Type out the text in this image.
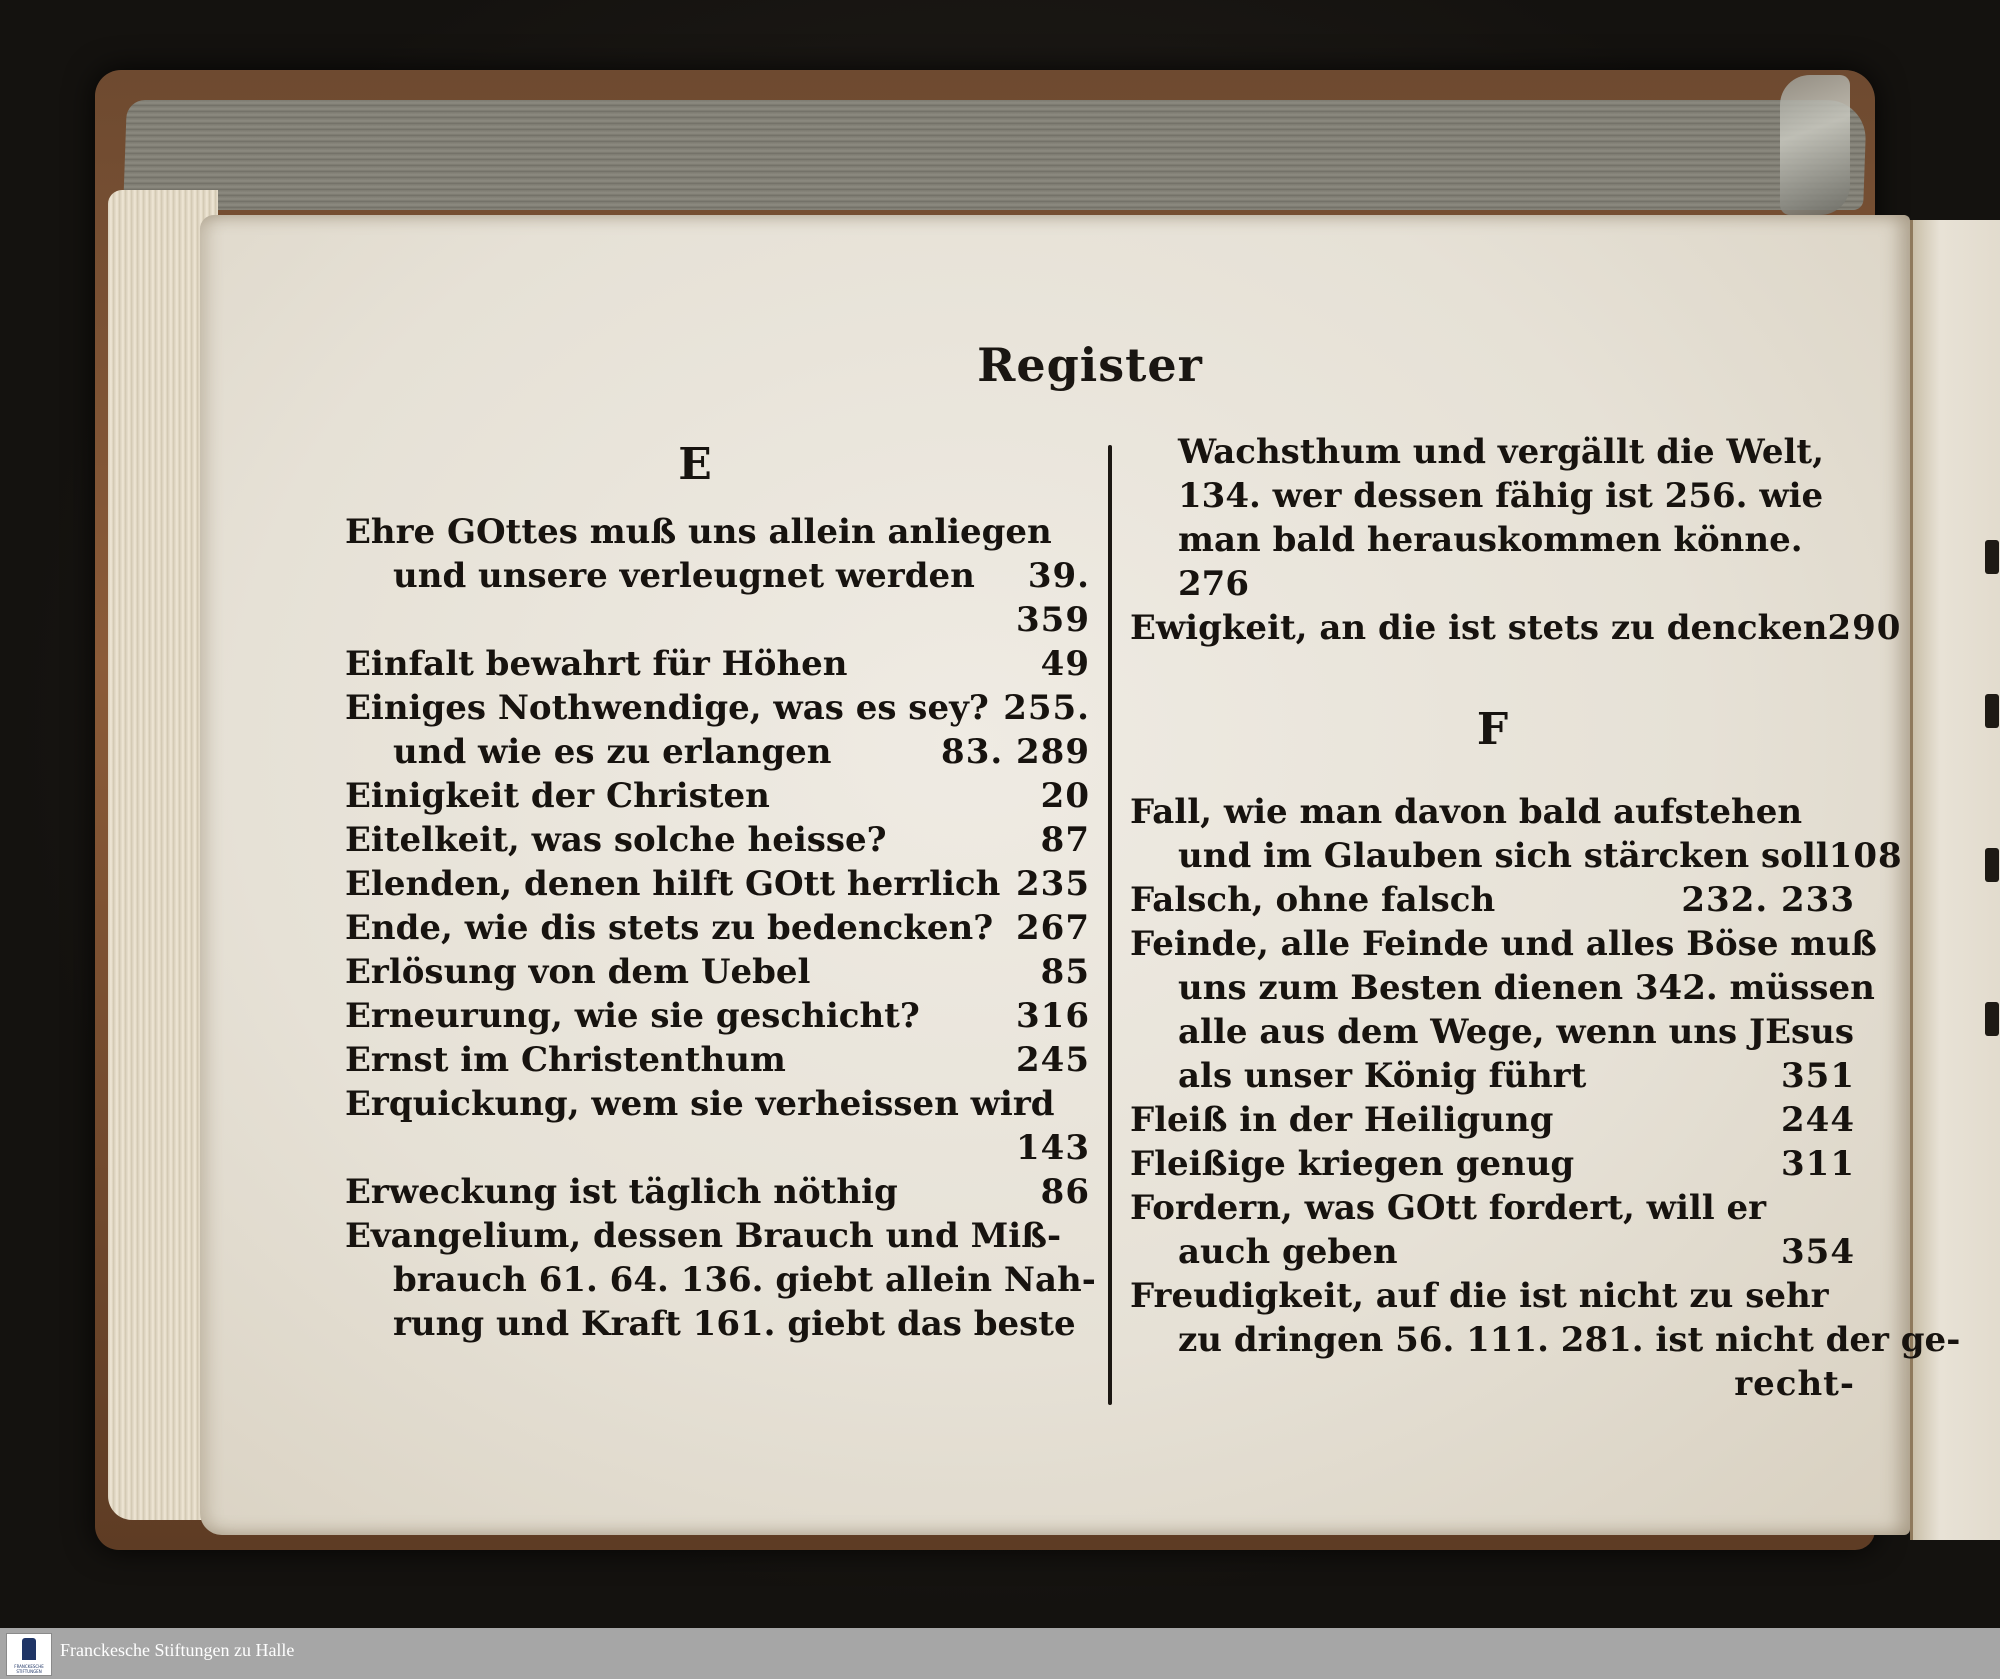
Register
E
Ehre GOttes muß uns allein anliegen
und unsere verleugnet werden 39.
359
Einfalt bewahrt für Höhen	49
Einiges Nothwendige, was es sey? 255.
und wie es zu erlangen	83. 289
Einigkeit der Christen	20
Eitelkeit, was solche heisse?	87
Elenden, denen hilft GOtt herrlich 235
Ende, wie dis stets zu bedencken? 267
Erlösung von dem Uebel	85
Erneurung, wie sie geschicht?	316
Ernst im Christenthum	245
Erquickung, wem sie verheissen wird
143
Erweckung ist täglich nöthig	86
Evangelium, dessen Brauch und Miß-
brauch 61. 64. 136. giebt allein Nah-
rung und Kraft 161. giebt das beste
Wachsthum und vergällt die Welt,
134. wer dessen fähig ist 256. wie
man bald herauskommen könne. 276
Ewigkeit, an die ist stets zu dencken 290
F
Fall, wie man davon bald aufstehen
und im Glauben sich stärcken soll 108
Falsch, ohne falsch	232. 233
Feinde, alle Feinde und alles Böse muß
uns zum Besten dienen 342. müssen
alle aus dem Wege, wenn uns JEsus
als unser König führt	351
Fleiß in der Heiligung	244
Fleißige kriegen genug	311
Fordern, was GOtt fordert, will er
auch geben	354
Freudigkeit, auf die ist nicht zu sehr
zu dringen 56. 111. 281. ist nicht der ge-
recht-
FRANCKESCHE STIFTUNGEN
Franckesche Stiftungen zu Halle
